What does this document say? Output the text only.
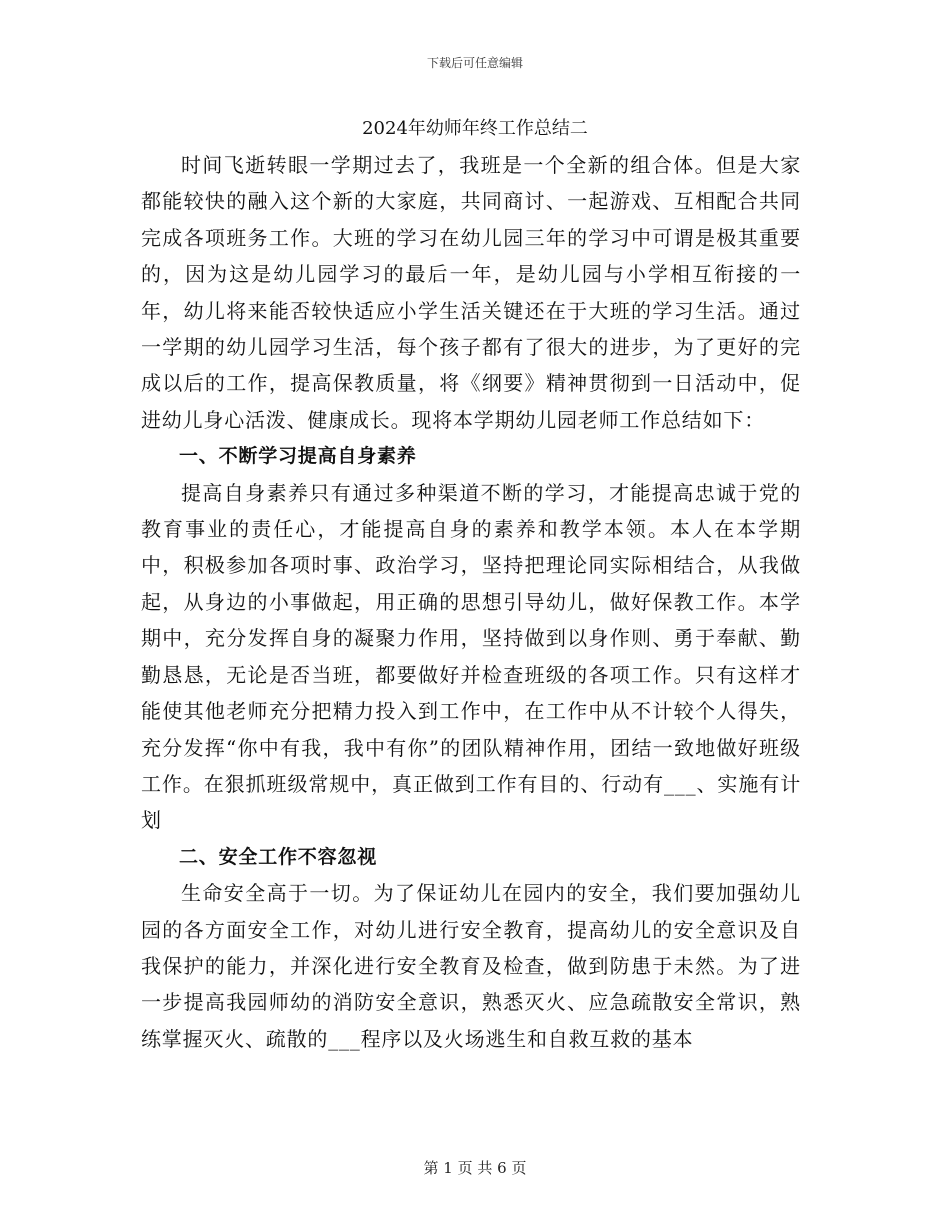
下载后可任意编辑
2024年幼师年终工作总结二

时间飞逝转眼一学期过去了，我班是一个全新的组合体。但是大家都能较快的融入这个新的大家庭，共同商讨、一起游戏、互相配合共同完成各项班务工作。大班的学习在幼儿园三年的学习中可谓是极其重要的，因为这是幼儿园学习的最后一年，是幼儿园与小学相互衔接的一年，幼儿将来能否较快适应小学生活关键还在于大班的学习生活。通过一学期的幼儿园学习生活，每个孩子都有了很大的进步，为了更好的完成以后的工作，提高保教质量，将《纲要》精神贯彻到一日活动中，促进幼儿身心活泼、健康成长。现将本学期幼儿园老师工作总结如下：

一、不断学习提高自身素养

提高自身素养只有通过多种渠道不断的学习，才能提高忠诚于党的教育事业的责任心，才能提高自身的素养和教学本领。本人在本学期中，积极参加各项时事、政治学习，坚持把理论同实际相结合，从我做起，从身边的小事做起，用正确的思想引导幼儿，做好保教工作。本学期中，充分发挥自身的凝聚力作用，坚持做到以身作则、勇于奉献、勤勤恳恳，无论是否当班，都要做好并检查班级的各项工作。只有这样才能使其他老师充分把精力投入到工作中，在工作中从不计较个人得失，充分发挥“你中有我，我中有你”的团队精神作用，团结一致地做好班级工作。在狠抓班级常规中，真正做到工作有目的、行动有___、实施有计划

二、安全工作不容忽视

生命安全高于一切。为了保证幼儿在园内的安全，我们要加强幼儿园的各方面安全工作，对幼儿进行安全教育，提高幼儿的安全意识及自我保护的能力，并深化进行安全教育及检查，做到防患于未然。为了进一步提高我园师幼的消防安全意识，熟悉灭火、应急疏散安全常识，熟练掌握灭火、疏散的___程序以及火场逃生和自救互救的基本

第 1 页 共 6 页
